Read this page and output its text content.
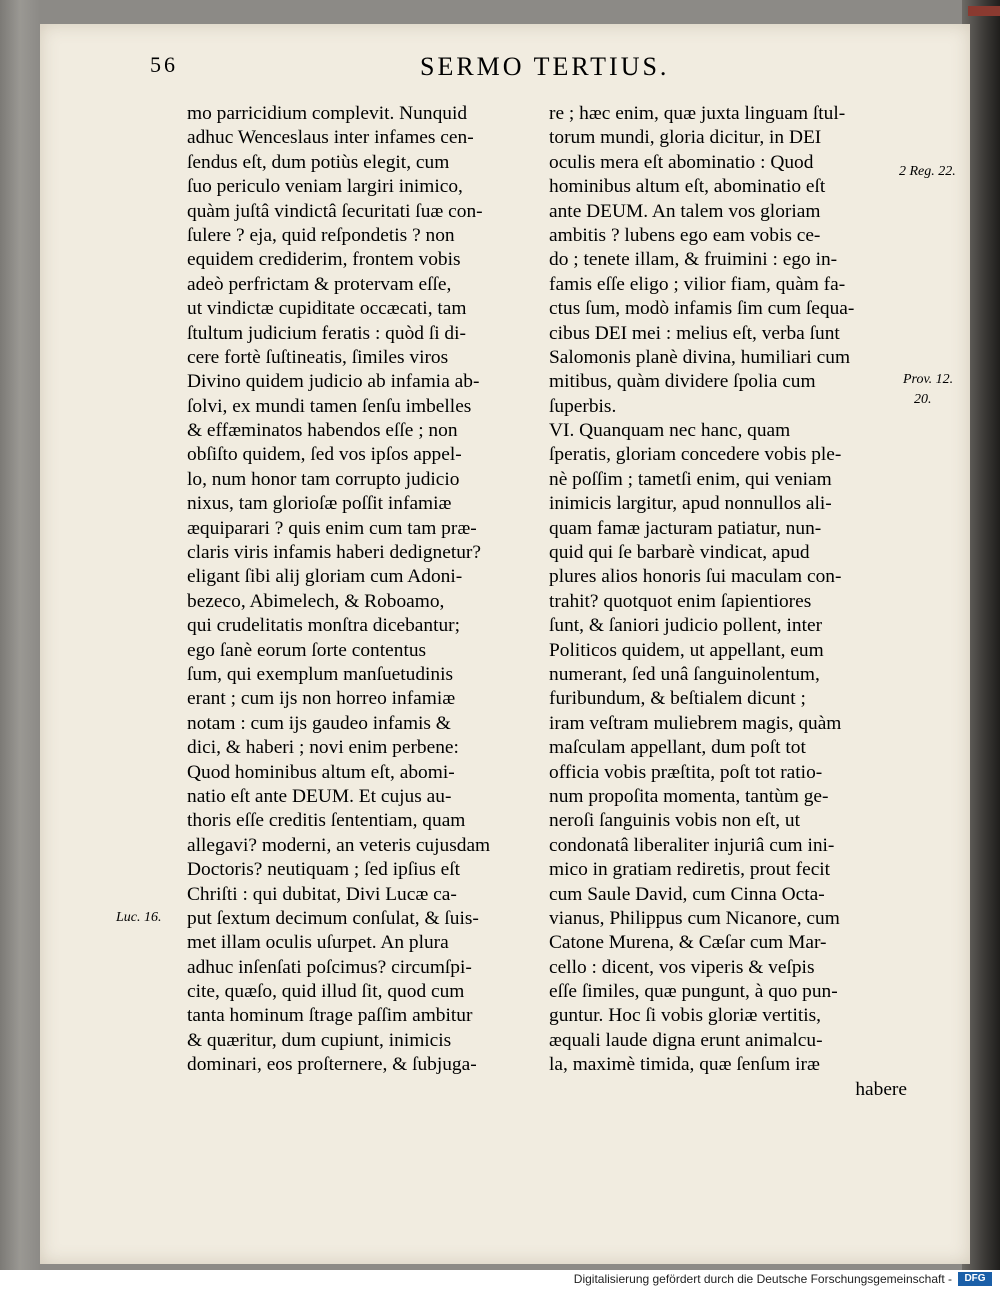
56	SERMO TERTIUS.
mo parricidium complevit. Nunquid
adhuc Wenceslaus inter infames cen-
ſendus eſt, dum potiùs elegit, cum
ſuo periculo veniam largiri inimico,
quàm juſtâ vindictâ ſecuritati ſuæ con-
ſulere ? eja, quid reſpondetis ? non
equidem crediderim, frontem vobis
adeò perfrictam & protervam eſſe,
ut vindictæ cupiditate occæcati, tam
ſtultum judicium feratis : quòd ſi di-
cere fortè ſuſtineatis, ſimiles viros
Divino quidem judicio ab infamia ab-
ſolvi, ex mundi tamen ſenſu imbelles
& effæminatos habendos eſſe ; non
obſiſto quidem, ſed vos ipſos appel-
lo, num honor tam corrupto judicio
nixus, tam glorioſæ poſſit infamiæ
æquiparari ? quis enim cum tam præ-
claris viris infamis haberi dedignetur?
eligant ſibi alij gloriam cum Adoni-
bezeco, Abimelech, & Roboamo,
qui crudelitatis monſtra dicebantur;
ego ſanè eorum ſorte contentus
ſum, qui exemplum manſuetudinis
erant ; cum ijs non horreo infamiæ
notam : cum ijs gaudeo infamis &
dici, & haberi ; novi enim perbene:
Quod hominibus altum eſt, abomi-
natio eſt ante DEUM. Et cujus au-
thoris eſſe creditis ſententiam, quam
allegavi? moderni, an veteris cujusdam
Doctoris? neutiquam ; ſed ipſius eſt
Chriſti : qui dubitat, Divi Lucæ ca-
put ſextum decimum conſulat, & ſuis-
met illam oculis uſurpet. An plura
adhuc inſenſati poſcimus? circumſpi-
cite, quæſo, quid illud ſit, quod cum
tanta hominum ſtrage paſſim ambitur
& quæritur, dum cupiunt, inimicis
dominari, eos proſternere, & ſubjuga-
re ; hæc enim, quæ juxta linguam ſtul-
torum mundi, gloria dicitur, in DEI
oculis mera eſt abominatio : Quod
hominibus altum eſt, abominatio eſt
ante DEUM. An talem vos gloriam
ambitis ? lubens ego eam vobis ce-
do ; tenete illam, & fruimini : ego in-
famis eſſe eligo ; vilior fiam, quàm fa-
ctus ſum, modò infamis ſim cum ſequa-
cibus DEI mei : melius eſt, verba ſunt
Salomonis planè divina, humiliari cum
mitibus, quàm dividere ſpolia cum
ſuperbis.
VI. Quanquam nec hanc, quam
ſperatis, gloriam concedere vobis ple-
nè poſſim ; tametſi enim, qui veniam
inimicis largitur, apud nonnullos ali-
quam famæ jacturam patiatur, nun-
quid qui ſe barbarè vindicat, apud
plures alios honoris ſui maculam con-
trahit? quotquot enim ſapientiores
ſunt, & ſaniori judicio pollent, inter
Politicos quidem, ut appellant, eum
numerant, ſed unâ ſanguinolentum,
furibundum, & beſtialem dicunt ;
iram veſtram muliebrem magis, quàm
maſculam appellant, dum poſt tot
officia vobis præſtita, poſt tot ratio-
num propoſita momenta, tantùm ge-
neroſi ſanguinis vobis non eſt, ut
condonatâ liberaliter injuriâ cum ini-
mico in gratiam rediretis, prout fecit
cum Saule David, cum Cinna Octa-
vianus, Philippus cum Nicanore, cum
Catone Murena, & Cæſar cum Mar-
cello : dicent, vos viperis & veſpis
eſſe ſimiles, quæ pungunt, à quo pun-
guntur. Hoc ſi vobis gloriæ vertitis,
æquali laude digna erunt animalcu-
la, maximè timida, quæ ſenſum iræ
habere
Luc. 16.
2 Reg. 22.
Prov. 12.
20.
Digitalisierung gefördert durch die Deutsche Forschungsgemeinschaft -	DFG
